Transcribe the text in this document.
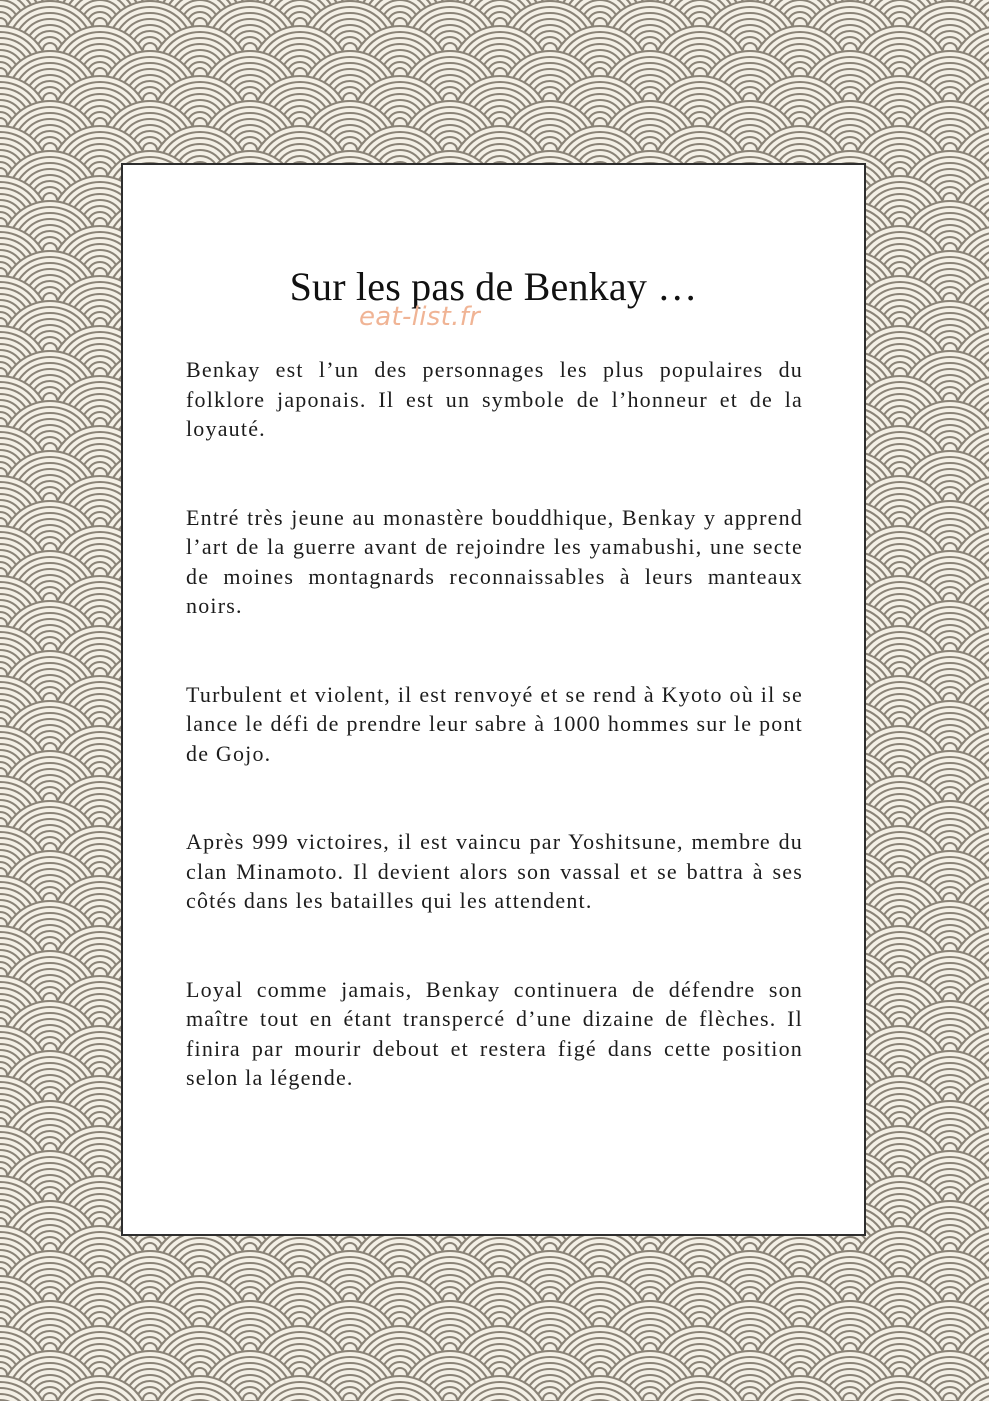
Sur les pas de Benkay …
eat-list.fr

Benkay est l’un des personnages les plus populaires du folklore japonais. Il est un symbole de l’honneur et de la loyauté.

Entré très jeune au monastère bouddhique, Benkay y apprend l’art de la guerre avant de rejoindre les yamabushi, une secte de moines montagnards reconnaissables à leurs manteaux noirs.

Turbulent et violent, il est renvoyé et se rend à Kyoto où il se lance le défi de prendre leur sabre à 1000 hommes sur le pont de Gojo.

Après 999 victoires, il est vaincu par Yoshitsune, membre du clan Minamoto. Il devient alors son vassal et se battra à ses côtés dans les batailles qui les attendent.

Loyal comme jamais, Benkay continuera de défendre son maître tout en étant transpercé d’une dizaine de flèches. Il finira par mourir debout et restera figé dans cette position selon la légende.
